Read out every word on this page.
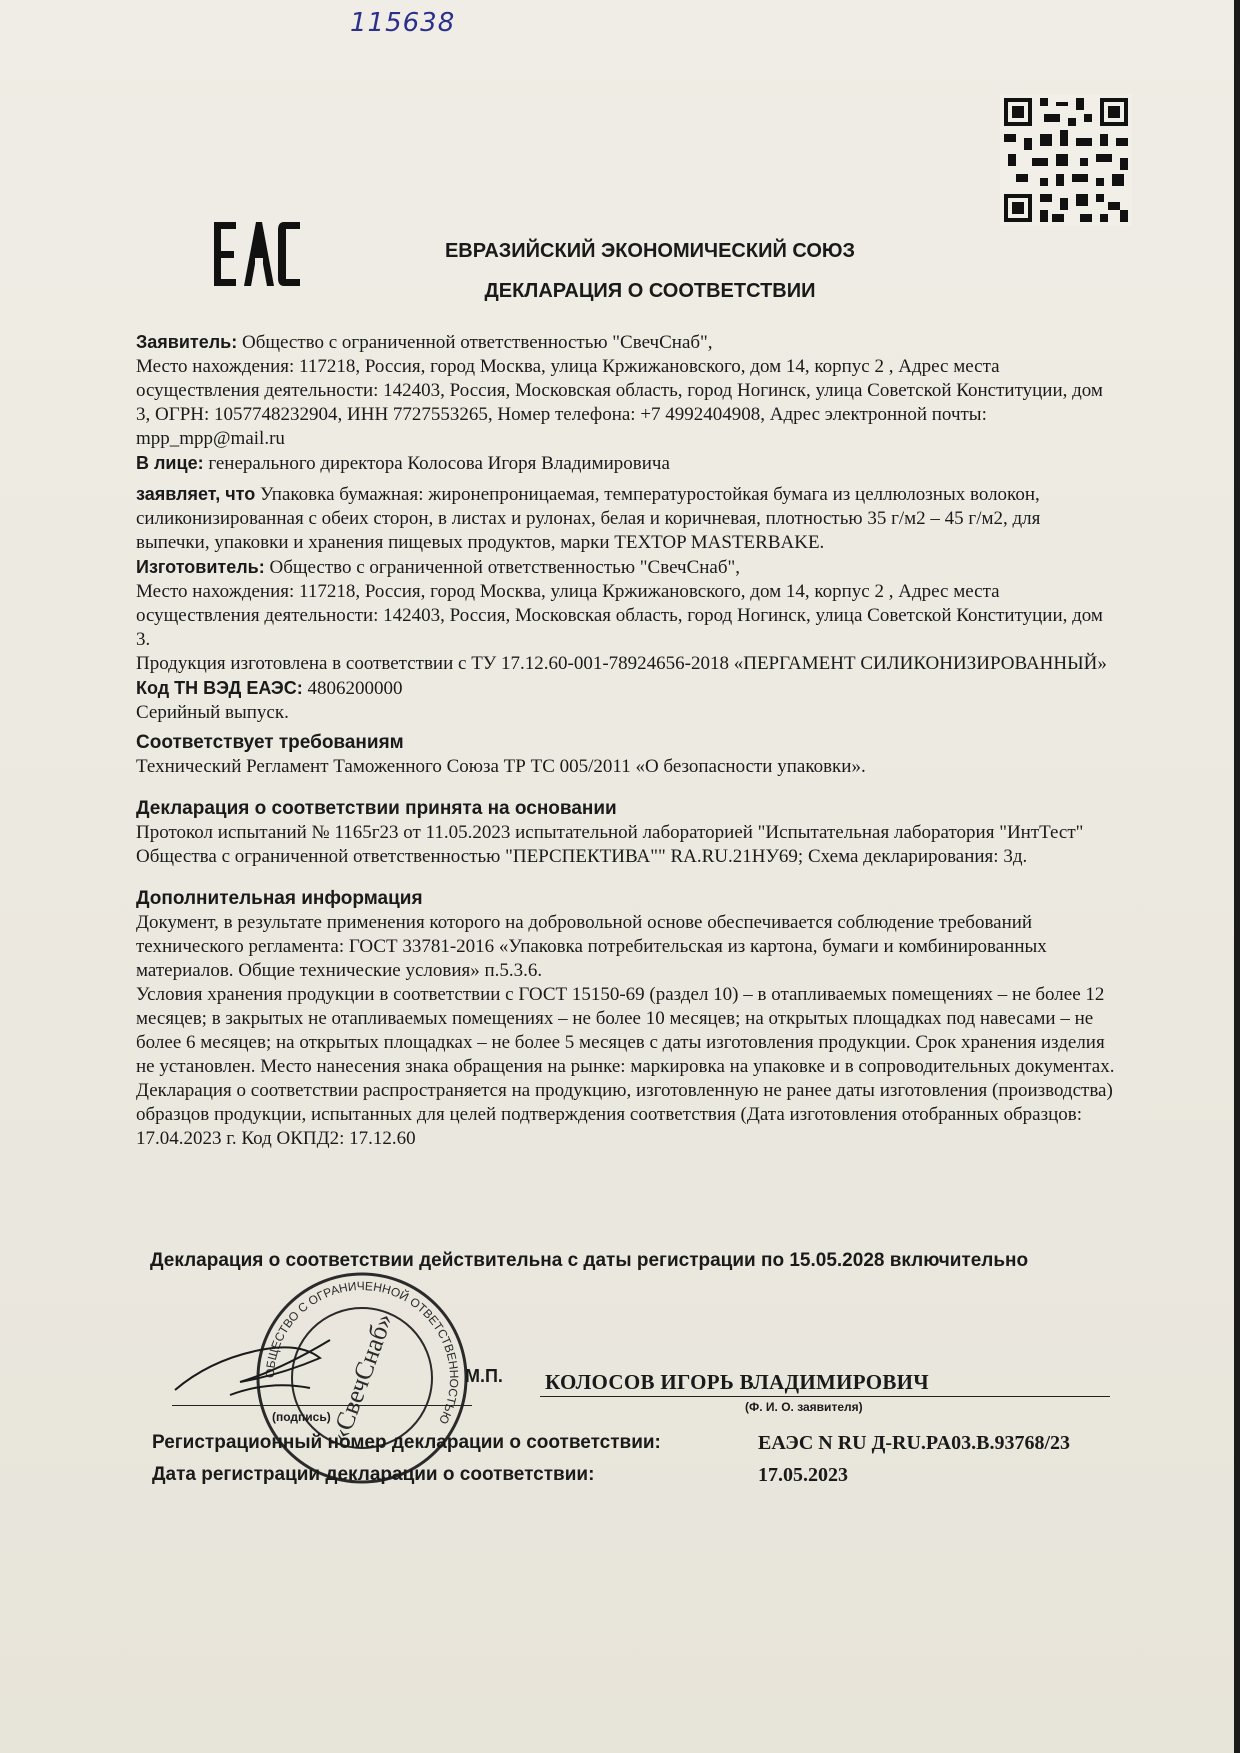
115638
ЕВРАЗИЙСКИЙ ЭКОНОМИЧЕСКИЙ СОЮЗ
ДЕКЛАРАЦИЯ О СООТВЕТСТВИИ

Заявитель: Общество с ограниченной ответственностью "СвечСнаб",

Место нахождения: 117218, Россия, город Москва, улица Кржижановского, дом 14, корпус 2 , Адрес места осуществления деятельности: 142403, Россия, Московская область, город Ногинск, улица Советской Конституции, дом 3, ОГРН: 1057748232904, ИНН 7727553265, Номер телефона: +7 4992404908, Адрес электронной почты: mpp_mpp@mail.ru

В лице: генерального директора Колосова Игоря Владимировича

заявляет, что Упаковка бумажная: жиронепроницаемая, температуростойкая бумага из целлюлозных волокон, силиконизированная с обеих сторон, в листах и рулонах, белая и коричневая, плотностью 35 г/м2 – 45 г/м2, для выпечки, упаковки и хранения пищевых продуктов, марки TEXTOP MASTERBAKE.

Изготовитель: Общество с ограниченной ответственностью "СвечСнаб",

Место нахождения: 117218, Россия, город Москва, улица Кржижановского, дом 14, корпус 2 , Адрес места осуществления деятельности: 142403, Россия, Московская область, город Ногинск, улица Советской Конституции, дом 3.

Продукция изготовлена в соответствии с ТУ 17.12.60-001-78924656-2018 «ПЕРГАМЕНТ СИЛИКОНИЗИРОВАННЫЙ»

Код ТН ВЭД ЕАЭС: 4806200000

Серийный выпуск.

Соответствует требованиям

Технический Регламент Таможенного Союза ТР ТС 005/2011 «О безопасности упаковки».

Декларация о соответствии принята на основании

Протокол испытаний № 1165г23 от 11.05.2023 испытательной лабораторией "Испытательная лаборатория "ИнтТест" Общества с ограниченной ответственностью "ПЕРСПЕКТИВА"" RA.RU.21НУ69; Схема декларирования: 3д.

Дополнительная информация

Документ, в результате применения которого на добровольной основе обеспечивается соблюдение требований технического регламента: ГОСТ 33781-2016 «Упаковка потребительская из картона, бумаги и комбинированных материалов. Общие технические условия» п.5.3.6.

Условия хранения продукции в соответствии с ГОСТ 15150-69 (раздел 10) – в отапливаемых помещениях – не более 12 месяцев; в закрытых не отапливаемых помещениях – не более 10 месяцев; на открытых площадках под навесами – не более 6 месяцев; на открытых площадках – не более 5 месяцев с даты изготовления продукции. Срок хранения изделия не установлен. Место нанесения знака обращения на рынке: маркировка на упаковке и в сопроводительных документах.

Декларация о соответствии распространяется на продукцию, изготовленную не ранее даты изготовления (производства) образцов продукции, испытанных для целей подтверждения соответствия (Дата изготовления отобранных образцов: 17.04.2023 г. Код ОКПД2: 17.12.60

Декларация о соответствии действительна с даты регистрации по 15.05.2028 включительно
ОБЩЕСТВО С ОГРАНИЧЕННОЙ ОТВЕТСТВЕННОСТЬЮ
«СвечСнаб»
(подпись)
М.П. КОЛОСОВ ИГОРЬ ВЛАДИМИРОВИЧ
(Ф. И. О. заявителя)
Регистрационный номер декларации о соответствии:	ЕАЭС N RU Д-RU.PA03.B.93768/23
Дата регистрации декларации о соответствии:	17.05.2023
